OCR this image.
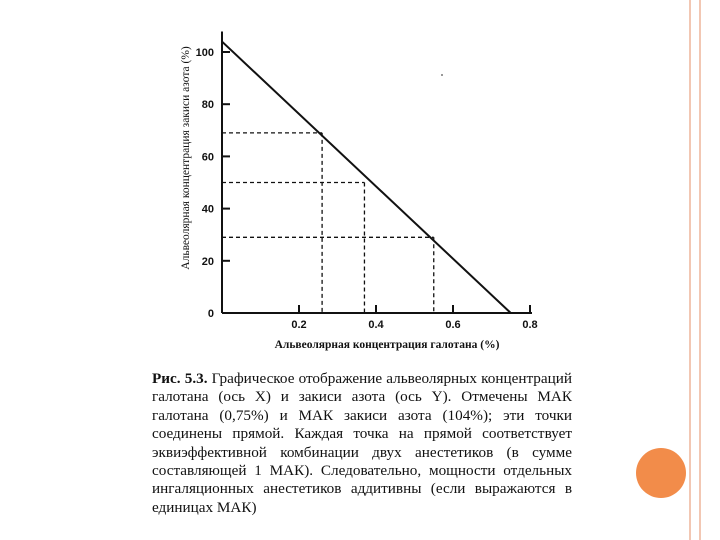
0.2	0.4	0.6	0.8
0
20
40
60
80
100
Альвеолярная концентрация галотана (%)
Альвеолярная концентрация закиси азота (%)
Рис. 5.3. Графическое отображение альвеолярных концентраций галотана (ось X) и закиси азота (ось Y). Отмечены МАК галотана (0,75%) и МАК закиси азота (104%); эти точки соединены прямой. Каждая точка на прямой соответствует эквиэффективной комбинации двух анестетиков (в сумме составляющей 1 МАК). Следовательно, мощности отдельных ингаляционных анестетиков аддитивны (если выражаются в единицах МАК)
